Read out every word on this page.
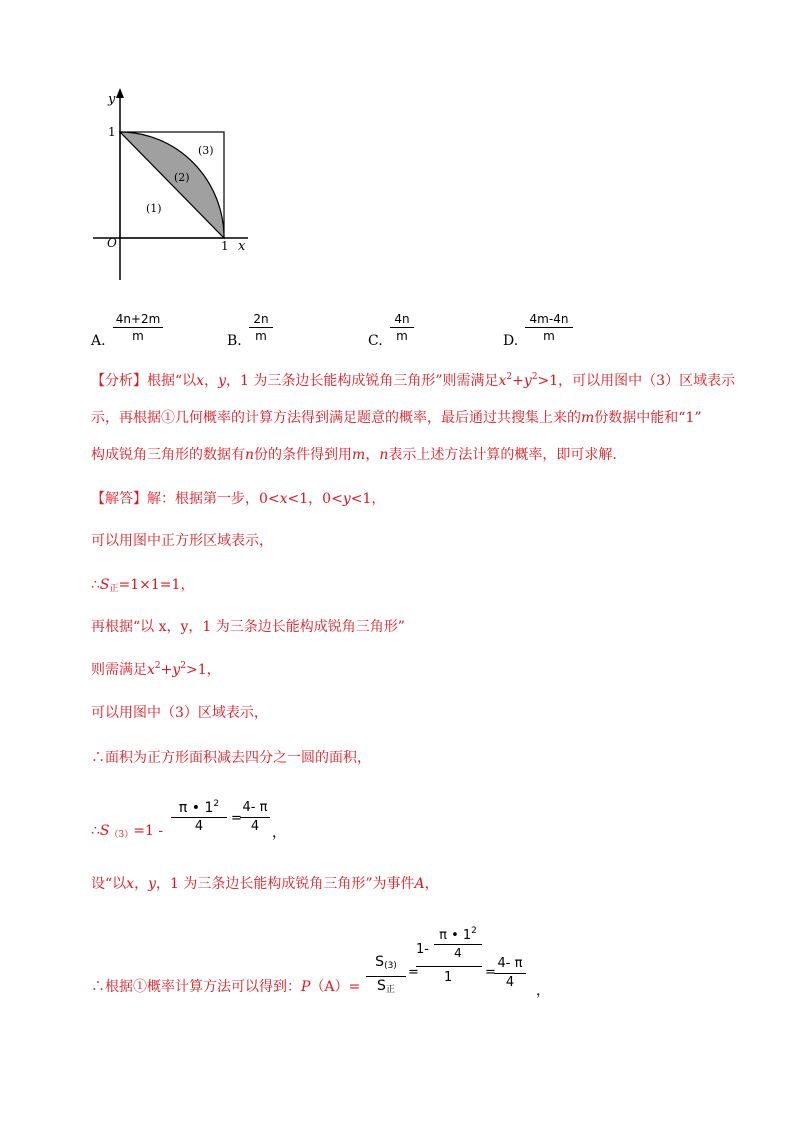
y
1
O	1 x
(1)
(2)
(3)
A.
4n+2m
m	B.
2n
m	C.
4n
m	D.
4m-4n
m
【分析】根据“以x，y，1 为三条边长能构成锐角三角形”则需满足$x^2+y^2>1$，可以用图中（3）区域表示
示，再根据①几何概率的计算方法得到满足题意的概率，最后通过共搜集上来的m份数据中能和“1”
构成锐角三角形的数据有n份的条件得到用m，n表示上述方法计算的概率，即可求解.
【解答】解：根据第一步，0<x<1，0<y<1，
可以用图中正方形区域表示，
$\therefore S_正=1\times 1=1$，
再根据“以 x，y，1 为三条边长能构成锐角三角形”
则需满足$x^2+y^2>1$，
可以用图中（3）区域表示，
∴面积为正方形面积减去四分之一圆的面积，
$\therefore S_{(3)}=1$ -
π • $1^2$
4
=
4- π
4 ，
设“以x，y，1 为三条边长能构成锐角三角形”为事件A，
∴根据①概率计算方法可以得到：P（A）=
$S_{(3)}$
$S_正$
=
1-
π • $1^2$
4
1	=
4- π
4
，
